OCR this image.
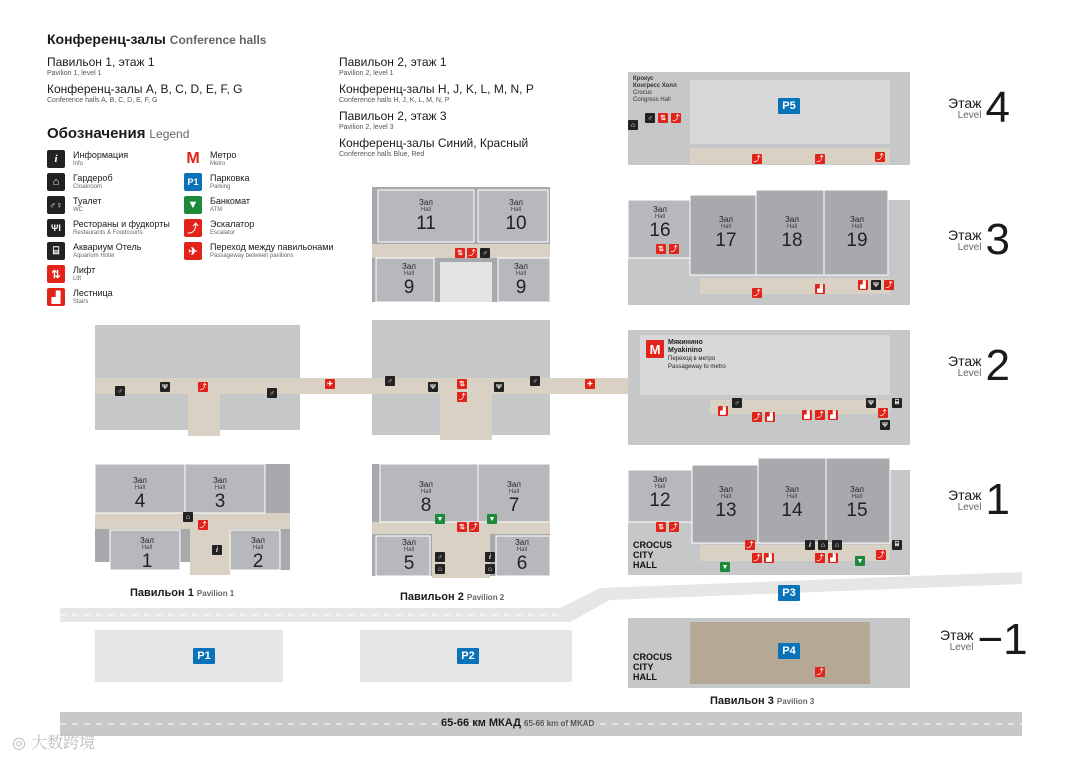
Конференц-залы Conference halls
Павильон 1, этаж 1
Pavilion 1, level 1
Конференц-залы A, B, C, D, E, F, G
Conference halls A, B, C, D, E, F, G
Павильон 2, этаж 1
Pavilion 2, level 1
Конференц-залы H, J, K, L, M, N, P
Conference halls H, J, K, L, M, N, P
Павильон 2, этаж 3
Pavilion 2, level 3
Конференц-залы Синий, Красный
Conference halls Blue, Red
Обозначения Legend
i	Информация
Info
⌂	Гардероб
Cloakroom
♂♀ Туалет
WC
ΨΙ	Рестораны и фудкорты
Restaurants & Foodcourts
⌸	Аквариум Отель
Aquarium Hotel
⇅	Лифт
Lift
▟	Лестница
Stairs
M Метро
Metro
P1	Парковка
Parking
▼	Банкомат
ATM
⤴	Эскалатор
Escalator
✈	Переход между павильонами
Passageway between pavilions
Зал
Hall
4
Зал
Hall
3
Зал
Hall
1
Зал
Hall
2
Зал
Hall
8
Зал
Hall
7
Зал
Hall
5
Зал
Hall
6
Зал
Hall
11
Зал
Hall
10
Зал
Hall
9
Зал
Hall
9
Зал
Hall
16
Зал
Hall
17
Зал
Hall
18
Зал
Hall
19
Зал
Hall
12
Зал
Hall
13
Зал
Hall
14
Зал
Hall
15
⤴
⌂
i
⇅ ⤴
▼	▼
♂
⌂
i
⌂
⇅ ⤴ ♂
♂
Ψ	⤴
♂
✈	♂
Ψ	⇅
⤴
Ψ
♂	✈
⌂
♂	⇅ ⤴
⤴	⤴	⤴
⇅ ⤴
⤴
▟
▟	Ψ ⤴
M
♂
▟
⤴ ▟	▟ ⤴ ▟
Ψ
⤴
Ψ
⌸
⇅ ⤴
⤴
⤴ ▟
i	⌂
⤴ ▟
⌂
⤴
⌸
▼
▼
⤴
Крокус
Конгресс Холл
Crocus
Congress Hall
Мякинино
Myakinino
Переход в метро
Passageway to metro
CROCUS
CITY
HALL
CROCUS
CITY
HALL
P1	P2
P3
P4
P5
Павильон 1 Pavilion 1	Павильон 2 Pavilion 2
Павильон 3 Pavilion 3
Этаж
Level 4
Этаж
Level 3
Этаж
Level 2
Этаж
Level 1
Этаж
Level −1
65-66 км МКАД 65-66 km of MKAD
◎ 大数跨境
